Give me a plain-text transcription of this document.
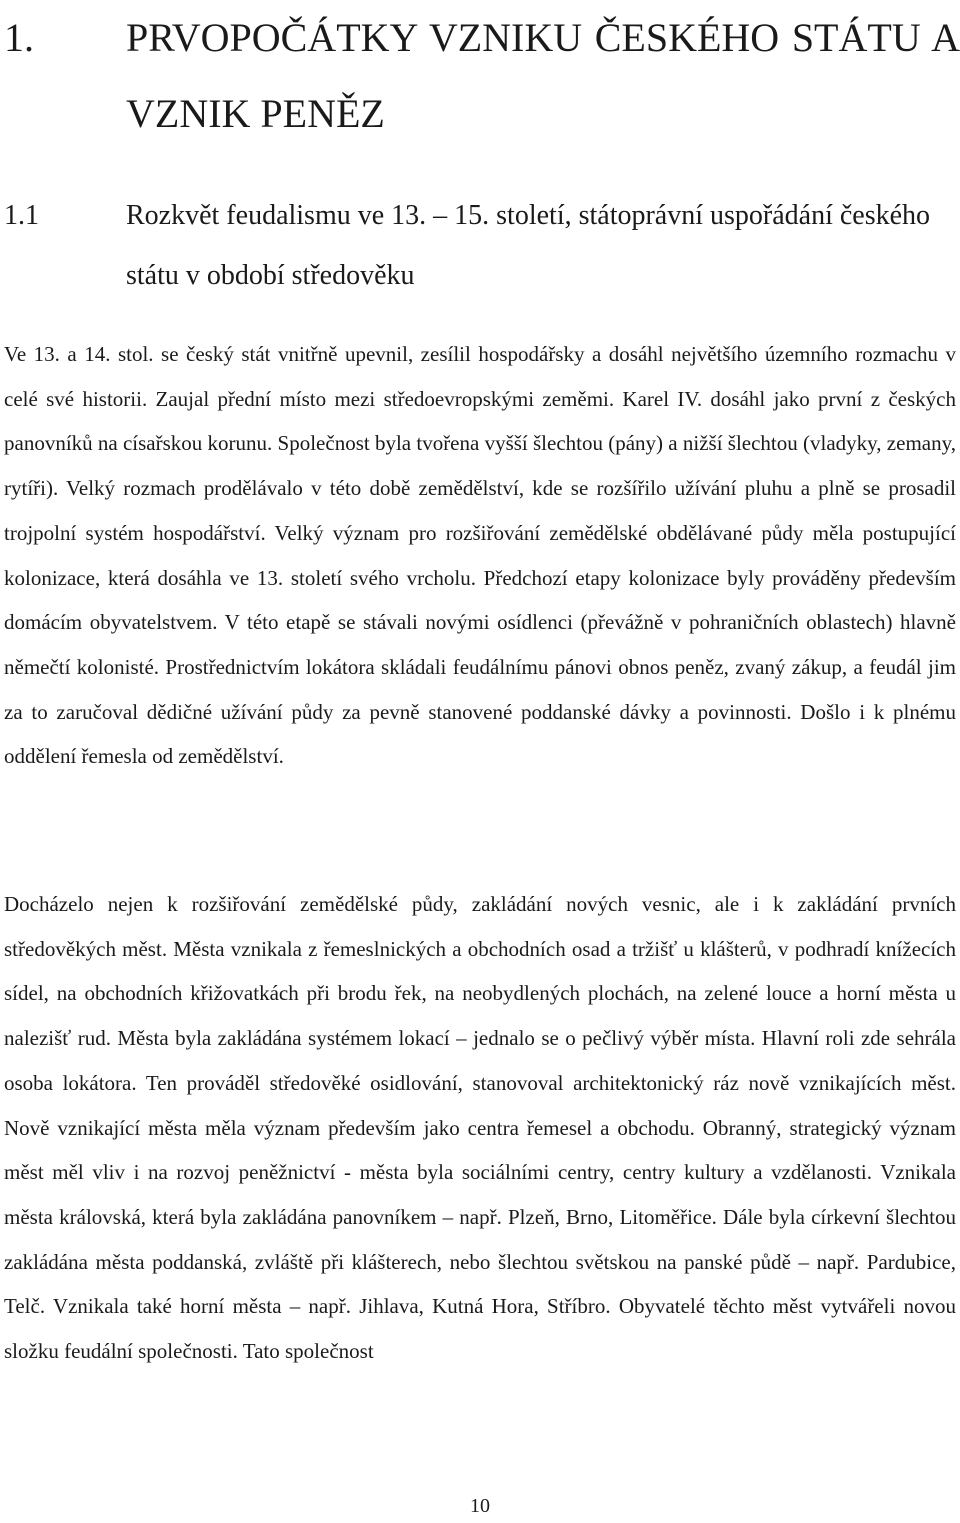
1. PRVOPOČÁTKY VZNIKU ČESKÉHO STÁTU A VZNIK PENĚZ
1.1	Rozkvět feudalismu ve 13. – 15. století, státoprávní uspořádání českého státu v období středověku

Ve 13. a 14. stol. se český stát vnitřně upevnil, zesílil hospodářsky a dosáhl největšího územního rozmachu v celé své historii. Zaujal přední místo mezi středoevropskými zeměmi. Karel IV. dosáhl jako první z českých panovníků na císařskou korunu. Společnost byla tvořena vyšší šlechtou (pány) a nižší šlechtou (vladyky, zemany, rytíři). Velký rozmach prodělávalo v této době zemědělství, kde se rozšířilo užívání pluhu a plně se prosadil trojpolní systém hospodářství. Velký význam pro rozšiřování zemědělské obdělávané půdy měla postupující kolonizace, která dosáhla ve 13. století svého vrcholu. Předchozí etapy kolonizace byly prováděny především domácím obyvatelstvem. V této etapě se stávali novými osídlenci (převážně v pohraničních oblastech) hlavně němečtí kolonisté. Prostřednictvím lokátora skládali feudálnímu pánovi obnos peněz, zvaný zákup, a feudál jim za to zaručoval dědičné užívání půdy za pevně stanovené poddanské dávky a povinnosti. Došlo i k plnému oddělení řemesla od zemědělství.

Docházelo nejen k rozšiřování zemědělské půdy, zakládání nových vesnic, ale i k zakládání prvních středověkých měst. Města vznikala z řemeslnických a obchodních osad a tržišť u klášterů, v podhradí knížecích sídel, na obchodních křižovatkách při brodu řek, na neobydlených plochách, na zelené louce a horní města u nalezišť rud. Města byla zakládána systémem lokací – jednalo se o pečlivý výběr místa. Hlavní roli zde sehrála osoba lokátora. Ten prováděl středověké osidlování, stanovoval architektonický ráz nově vznikajících měst. Nově vznikající města měla význam především jako centra řemesel a obchodu. Obranný, strategický význam měst měl vliv i na rozvoj peněžnictví - města byla sociálními centry, centry kultury a vzdělanosti. Vznikala města královská, která byla zakládána panovníkem – např. Plzeň, Brno, Litoměřice. Dále byla církevní šlechtou zakládána města poddanská, zvláště při klášterech, nebo šlechtou světskou na panské půdě – např. Pardubice, Telč. Vznikala také horní města – např. Jihlava, Kutná Hora, Stříbro. Obyvatelé těchto měst vytvářeli novou složku feudální společnosti. Tato společnost

10
